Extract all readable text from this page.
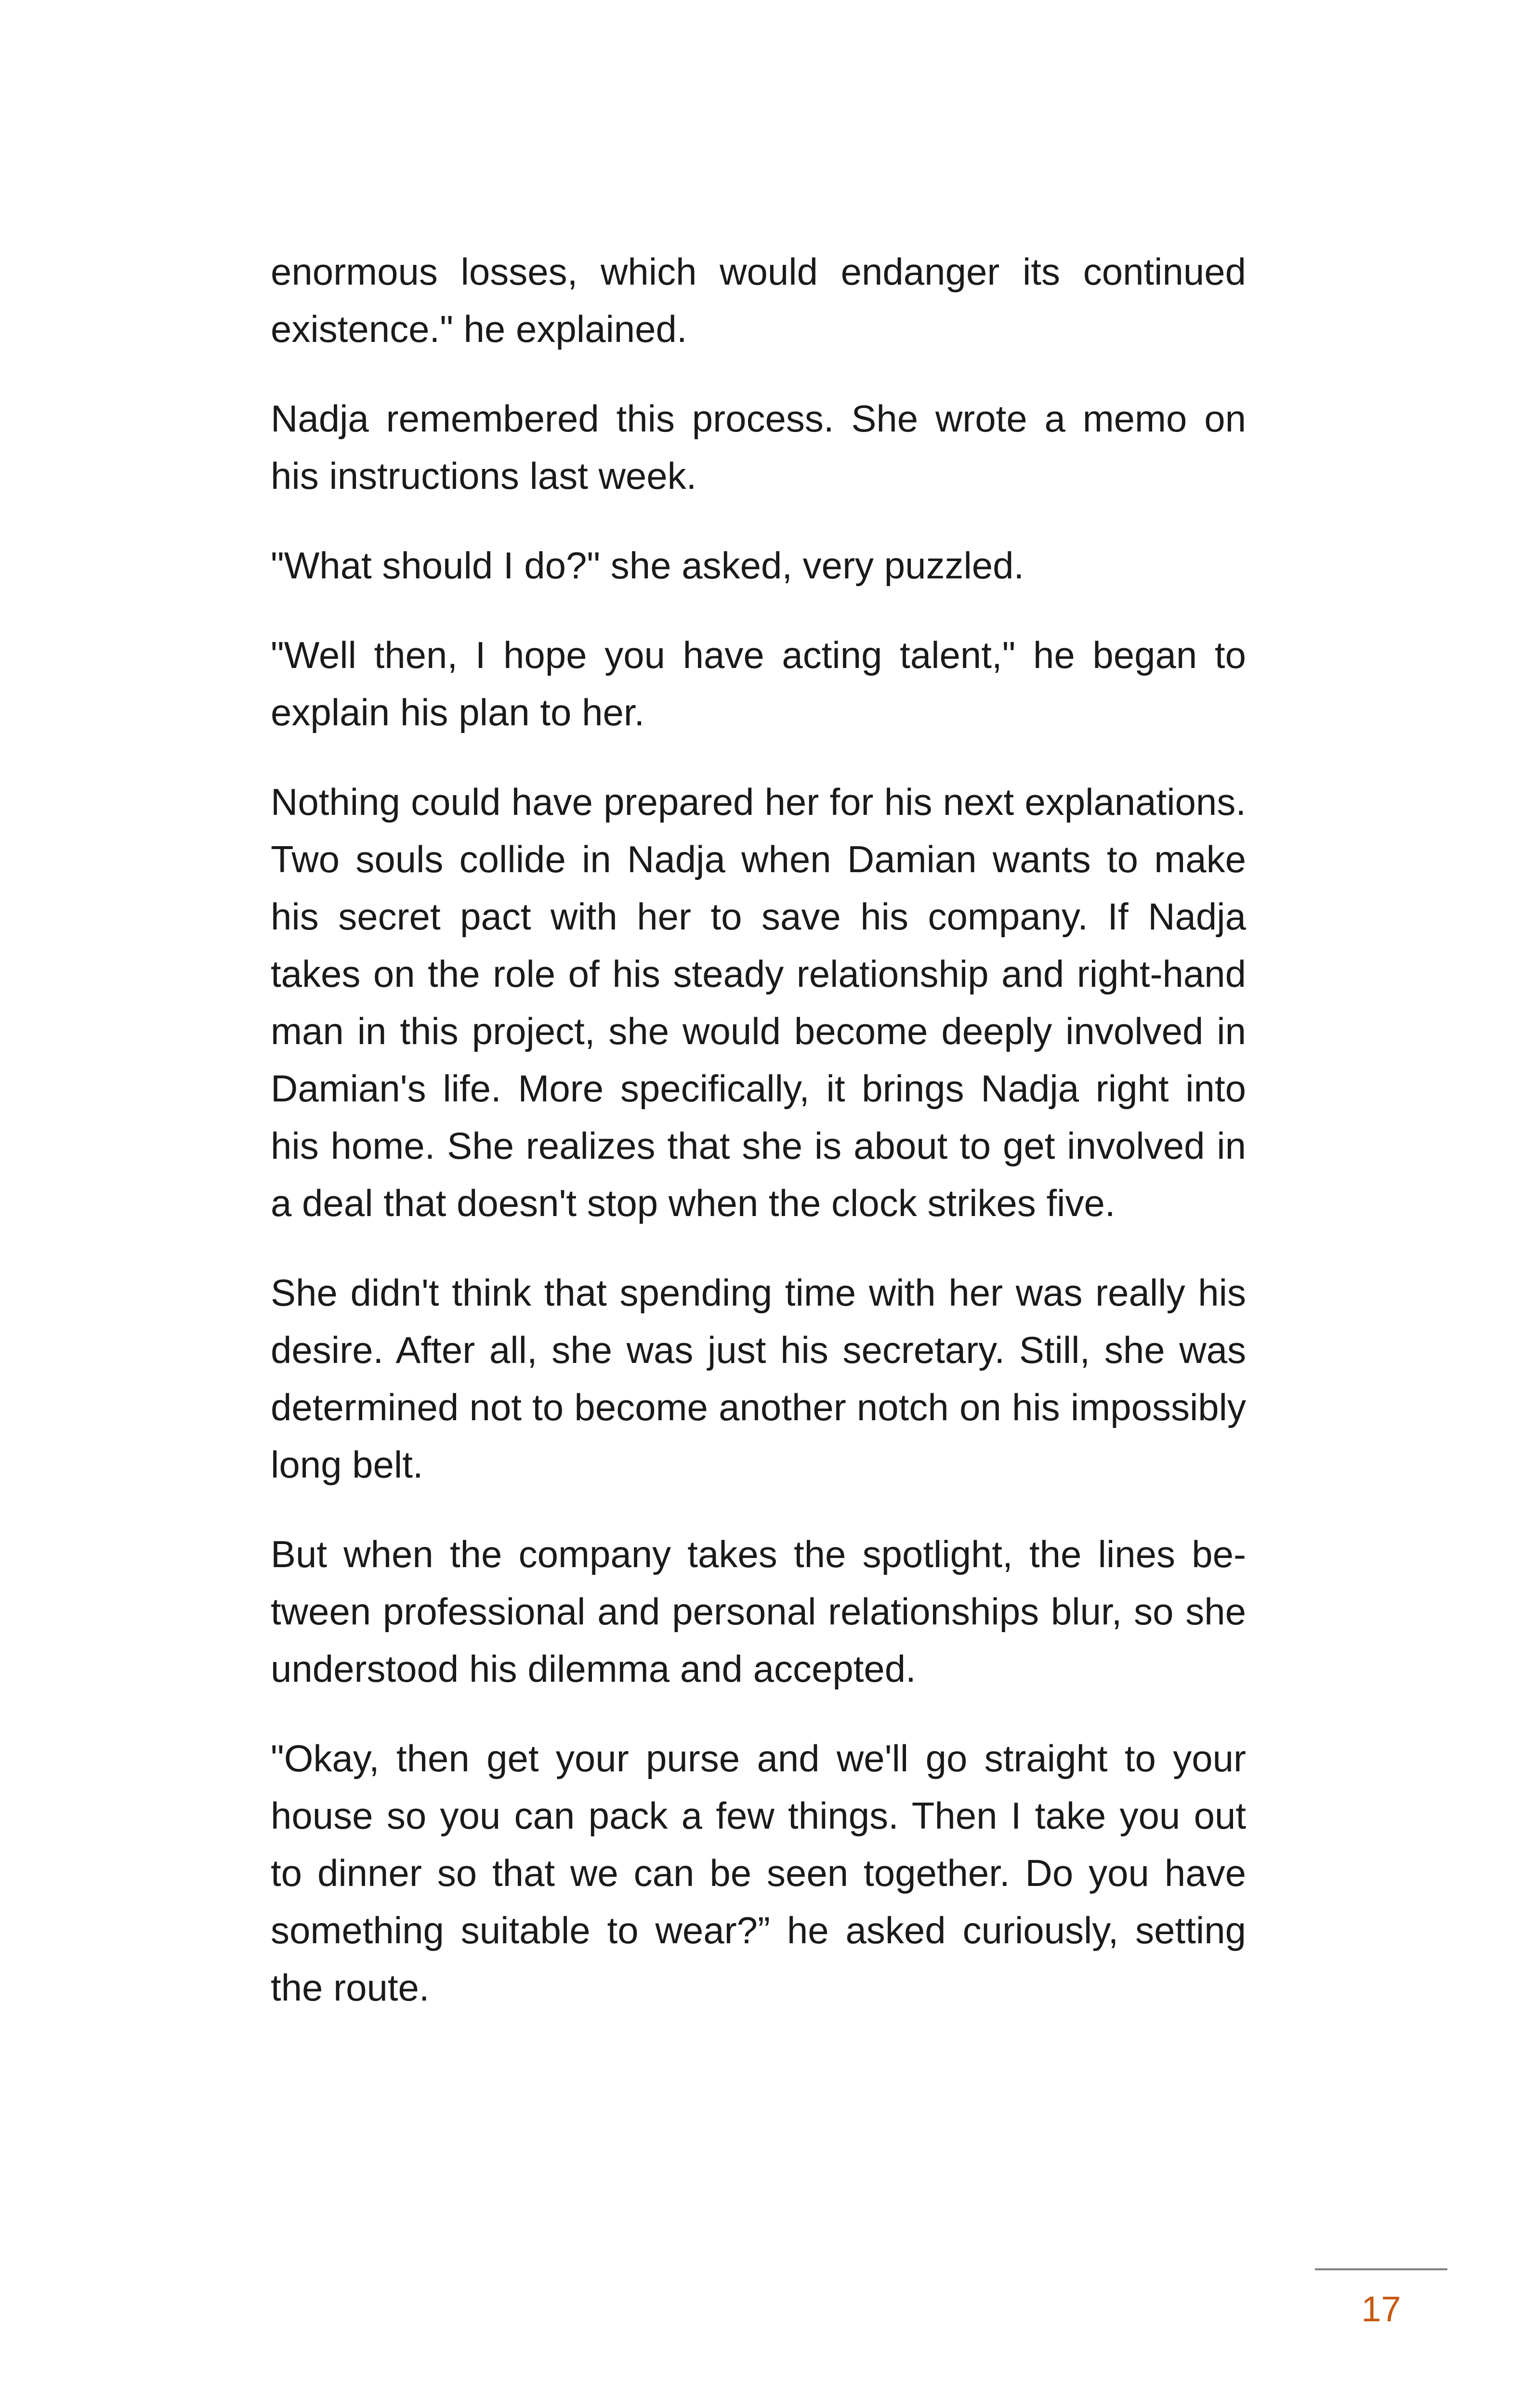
enormous losses, which would endanger its continued existence." he explained.

Nadja remembered this process. She wrote a memo on his instructions last week.

"What should I do?" she asked, very puzzled.

"Well then, I hope you have acting talent," he began to explain his plan to her.

Nothing could have prepared her for his next explanations. Two souls collide in Nadja when Damian wants to make his secret pact with her to save his company. If Nadja takes on the role of his steady relationship and right-hand man in this project, she would become deeply involved in Damian's life. More specifically, it brings Nadja right into his home. She realizes that she is about to get involved in a deal that doesn't stop when the clock strikes five.

She didn't think that spending time with her was really his desire. After all, she was just his secretary. Still, she was determined not to become another notch on his impossibly long belt.

But when the company takes the spotlight, the lines between professional and personal relationships blur, so she understood his dilemma and accepted.

"Okay, then get your purse and we'll go straight to your house so you can pack a few things. Then I take you out to dinner so that we can be seen together. Do you have something suitable to wear?” he asked curiously, setting the route.

17
